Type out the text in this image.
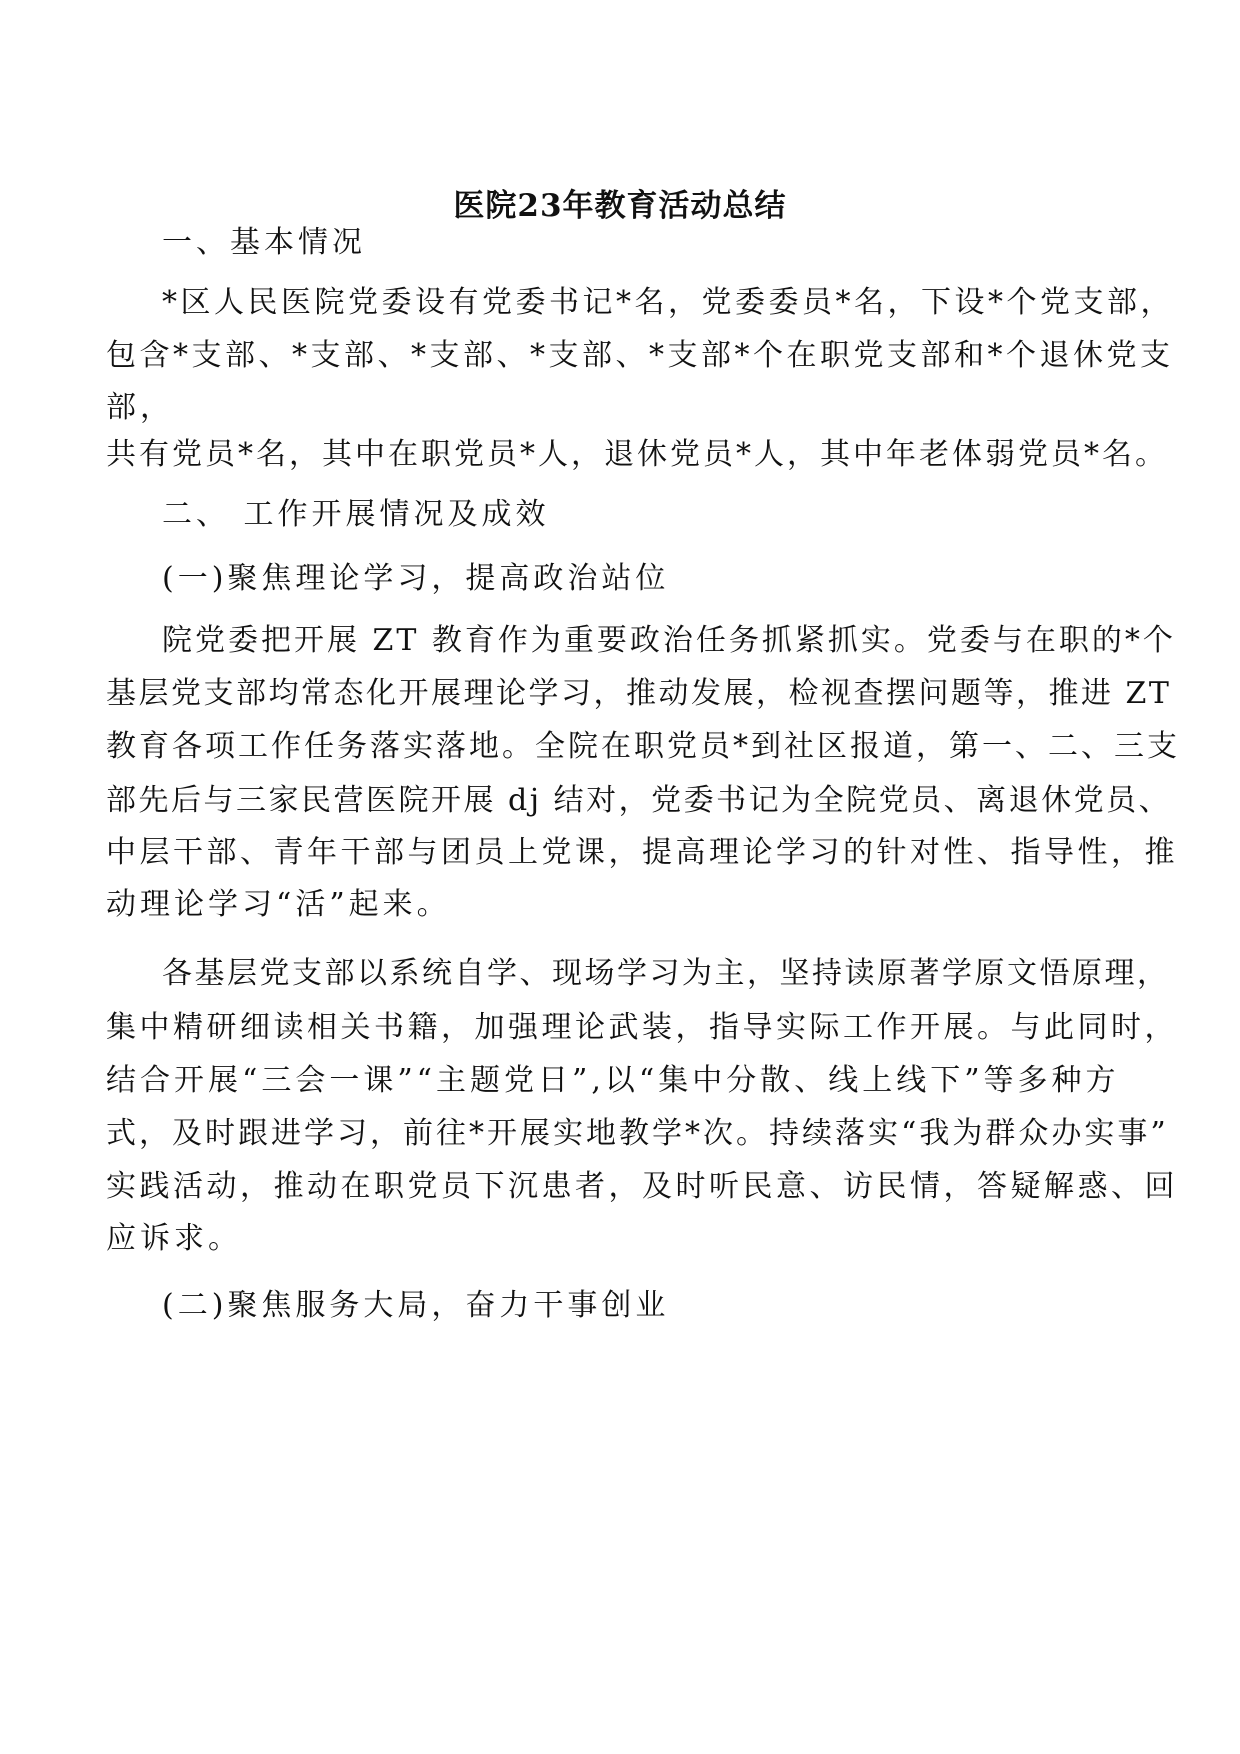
医院23年教育活动总结
一、基本情况
*区人民医院党委设有党委书记*名，党委委员*名，下设*个党支部，
包含*支部、*支部、*支部、*支部、*支部*个在职党支部和*个退休党支
部，
共有党员*名，其中在职党员*人，退休党员*人，其中年老体弱党员*名。
二、 工作开展情况及成效
(一)聚焦理论学习，提高政治站位
院党委把开展 ZT 教育作为重要政治任务抓紧抓实。党委与在职的*个
基层党支部均常态化开展理论学习，推动发展，检视查摆问题等，推进 ZT
教育各项工作任务落实落地。全院在职党员*到社区报道，第一、二、三支
部先后与三家民营医院开展 dj 结对，党委书记为全院党员、离退休党员、
中层干部、青年干部与团员上党课，提高理论学习的针对性、指导性，推
动理论学习“活”起来。
各基层党支部以系统自学、现场学习为主，坚持读原著学原文悟原理，
集中精研细读相关书籍，加强理论武装，指导实际工作开展。与此同时，
结合开展“三会一课”“主题党日”,以“集中分散、线上线下”等多种方
式，及时跟进学习，前往*开展实地教学*次。持续落实“我为群众办实事”
实践活动，推动在职党员下沉患者，及时听民意、访民情，答疑解惑、回
应诉求。
(二)聚焦服务大局，奋力干事创业
